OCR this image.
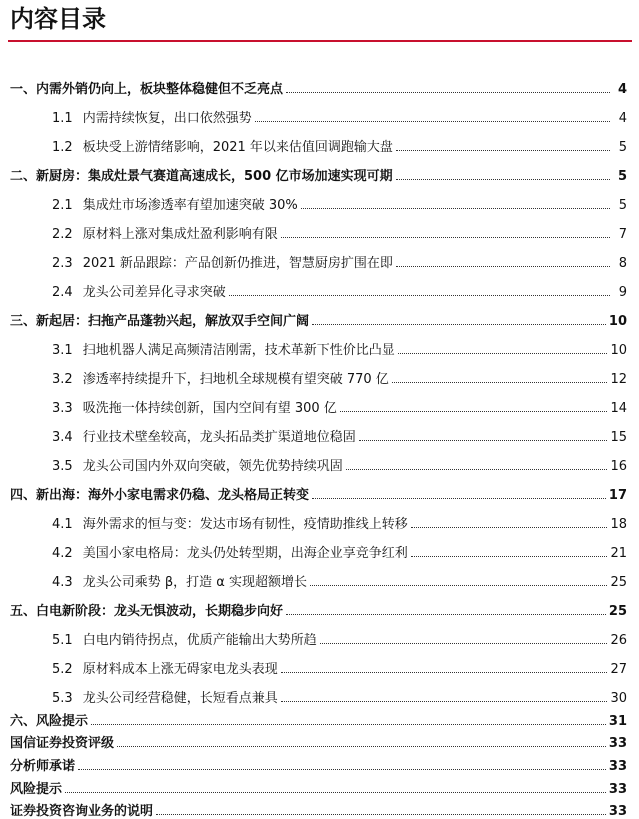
内容目录
一、 内需外销仍向上，板块整体稳健但不乏亮点	4
1.1 内需持续恢复，出口依然强势	4
1.2 板块受上游情绪影响，2021 年以来估值回调跑输大盘	5
二、 新厨房：集成灶景气赛道高速成长，500 亿市场加速实现可期	5
2.1 集成灶市场渗透率有望加速突破 30%	5
2.2 原材料上涨对集成灶盈利影响有限	7
2.3 2021 新品跟踪：产品创新仍推进，智慧厨房扩围在即	8
2.4 龙头公司差异化寻求突破	9
三、 新起居：扫拖产品蓬勃兴起，解放双手空间广阔	10
3.1 扫地机器人满足高频清洁刚需，技术革新下性价比凸显	10
3.2 渗透率持续提升下，扫地机全球规模有望突破 770 亿	12
3.3 吸洗拖一体持续创新，国内空间有望 300 亿	14
3.4 行业技术壁垒较高，龙头拓品类扩渠道地位稳固	15
3.5 龙头公司国内外双向突破，领先优势持续巩固	16
四、 新出海：海外小家电需求仍稳、龙头格局正转变	17
4.1 海外需求的恒与变：发达市场有韧性，疫情助推线上转移	18
4.2 美国小家电格局：龙头仍处转型期，出海企业享竞争红利	21
4.3 龙头公司乘势 β，打造 α 实现超额增长	25
五、 白电新阶段：龙头无惧波动，长期稳步向好	25
5.1 白电内销待拐点，优质产能输出大势所趋	26
5.2 原材料成本上涨无碍家电龙头表现	27
5.3 龙头公司经营稳健，长短看点兼具	30
六、风险提示	31
国信证券投资评级	33
分析师承诺	33
风险提示	33
证券投资咨询业务的说明	33
